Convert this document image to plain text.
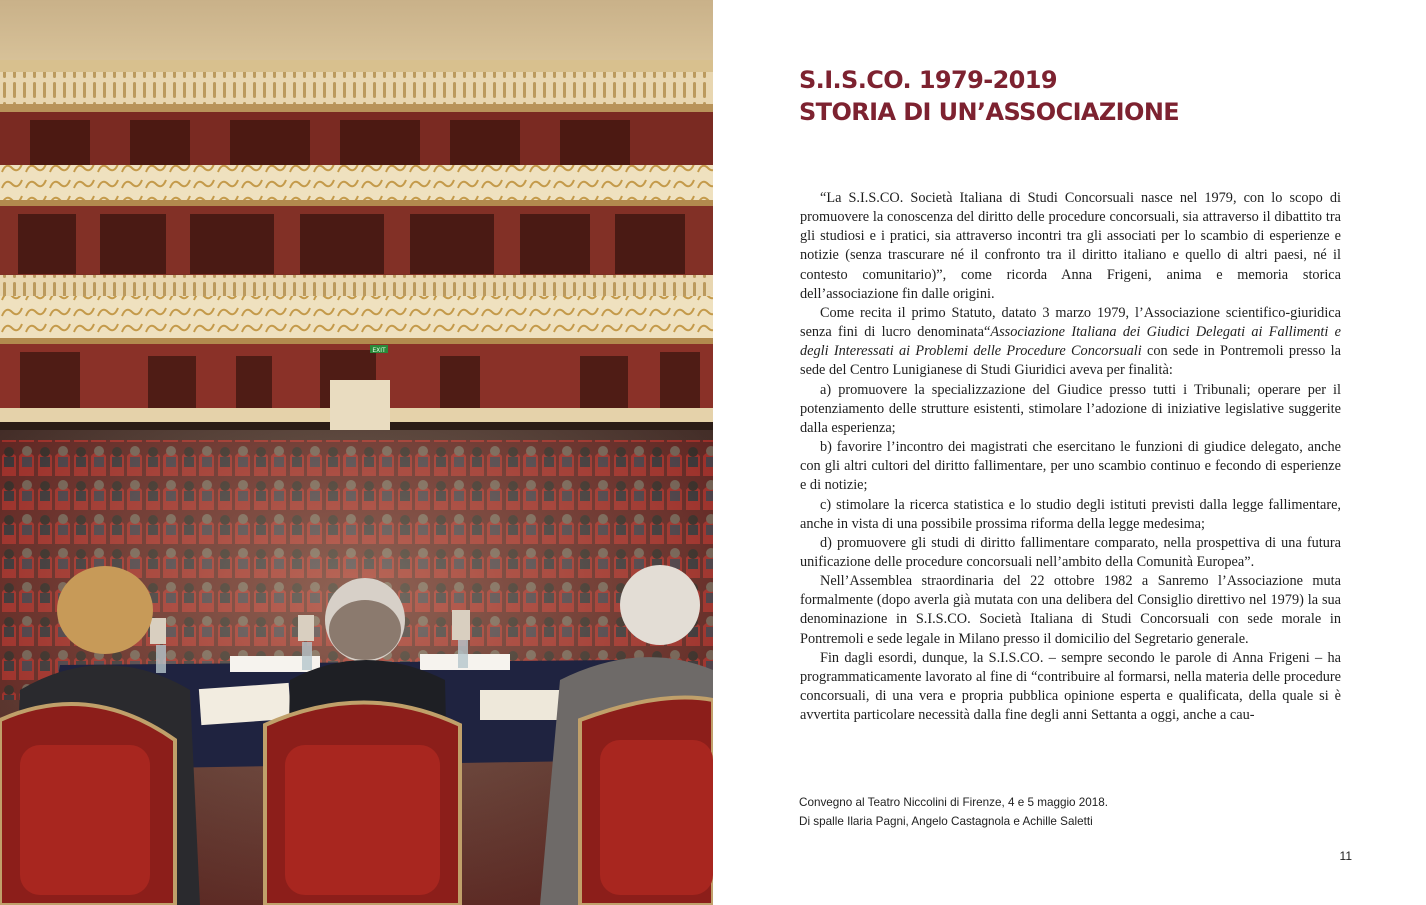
EXIT
S.I.S.CO. 1979-2019
STORIA DI UN’ASSOCIAZIONE

“La S.I.S.CO. Società Italiana di Studi Concorsuali nasce nel 1979, con lo scopo di promuovere la conoscenza del diritto delle procedure concorsuali, sia attraverso il dibattito tra gli studiosi e i pratici, sia attraverso incontri tra gli associati per lo scambio di esperienze e notizie (senza trascurare né il confronto tra il diritto italiano e quello di altri paesi, né il contesto comunitario)”, come ricorda Anna Frigeni, anima e memoria storica dell’associazione fin dalle origini.

Come recita il primo Statuto, datato 3 marzo 1979, l’Associazione scientifico-giuridica senza fini di lucro denominata“Associazione Italiana dei Giudici Delegati ai Fallimenti e degli Interessati ai Problemi delle Procedure Concorsuali con sede in Pontremoli presso la sede del Centro Lunigianese di Studi Giuridici aveva per finalità:

a) promuovere la specializzazione del Giudice presso tutti i Tribunali; operare per il potenziamento delle strutture esistenti, stimolare l’adozione di iniziative legislative suggerite dalla esperienza;

b) favorire l’incontro dei magistrati che esercitano le funzioni di giudice delegato, anche con gli altri cultori del diritto fallimentare, per uno scambio continuo e fecondo di esperienze e di notizie;

c) stimolare la ricerca statistica e lo studio degli istituti previsti dalla legge fallimentare, anche in vista di una possibile prossima riforma della legge medesima;

d) promuovere gli studi di diritto fallimentare comparato, nella prospettiva di una futura unificazione delle procedure concorsuali nell’ambito della Comunità Europea”.

Nell’Assemblea straordinaria del 22 ottobre 1982 a Sanremo l’Associazione muta formalmente (dopo averla già mutata con una delibera del Consiglio direttivo nel 1979) la sua denominazione in S.I.S.CO. Società Italiana di Studi Concorsuali con sede morale in Pontremoli e sede legale in Milano presso il domicilio del Segretario generale.

Fin dagli esordi, dunque, la S.I.S.CO. – sempre secondo le parole di Anna Frigeni – ha programmaticamente lavorato al fine di “contribuire al formarsi, nella materia delle procedure concorsuali, di una vera e propria pubblica opinione esperta e qualificata, della quale si è avvertita particolare necessità dalla fine degli anni Settanta a oggi, anche a cau-

Convegno al Teatro Niccolini di Firenze, 4 e 5 maggio 2018.
Di spalle Ilaria Pagni, Angelo Castagnola e Achille Saletti
11
